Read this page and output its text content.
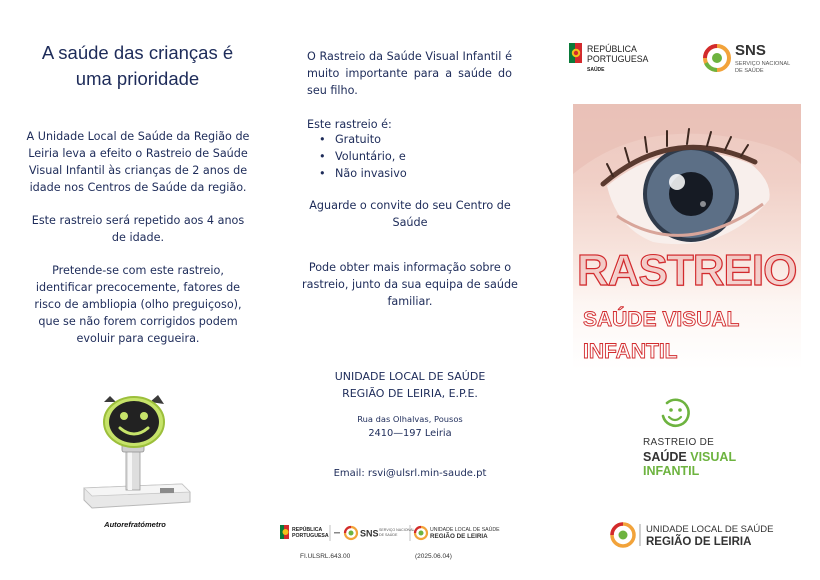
A saúde das crianças é
uma prioridade

A Unidade Local de Saúde da Região de Leiria leva a efeito o Rastreio de Saúde Visual Infantil às crianças de 2 anos de idade nos Centros de Saúde da região.

Este rastreio será repetido aos 4 anos de idade.

Pretende-se com este rastreio, identificar precocemente, fatores de risco de ambliopia (olho preguiçoso), que se não forem corrigidos podem evoluir para cegueira.

Autorefratómetro

O Rastreio da Saúde Visual Infantil é muito importante para a saúde do seu filho.

Este rastreio é:

• Gratuito
• Voluntário, e
• Não invasivo

Aguarde o convite do seu Centro de Saúde

Pode obter mais informação sobre o rastreio, junto da sua equipa de saúde familiar.

UNIDADE LOCAL DE SAÚDE
REGIÃO DE LEIRIA, E.P.E.
Rua das Olhalvas, Pousos
2410—197 Leiria
Email: rsvi@ulsrl.min-saude.pt
REPÚBLICA
PORTUGUESA	SNS SERVIÇO NACIONAL
DE SAÚDE
UNIDADE LOCAL DE SAÚDE
REGIÃO DE LEIRIA
FI.ULSRL.643.00	(2025.06.04)
REPÚBLICA
PORTUGUESA
SAÚDE
SNS
SERVIÇO NACIONAL
DE SAÚDE
RASTREIO
SAÚDE VISUAL
INFANTIL
RASTREIO DE
SAÚDE VISUAL
INFANTIL
UNIDADE LOCAL DE SAÚDE
REGIÃO DE LEIRIA
